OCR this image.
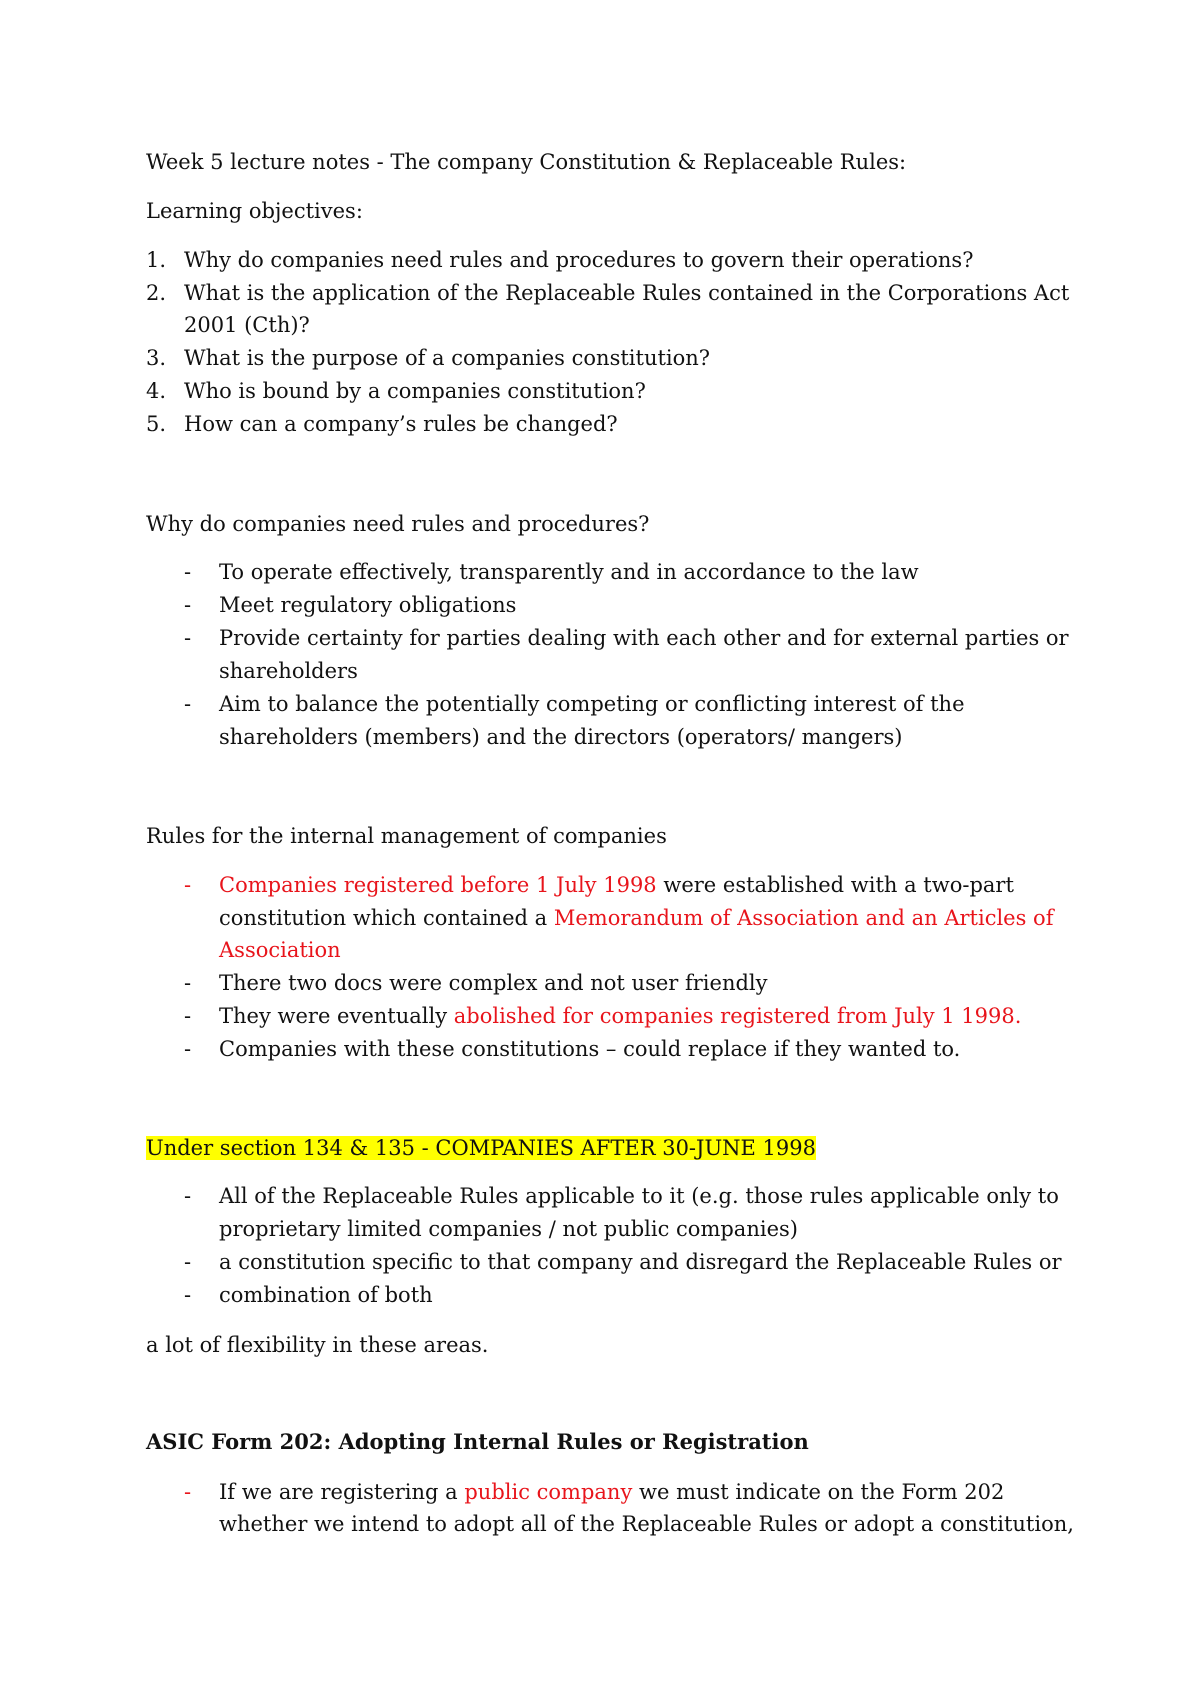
Week 5 lecture notes - The company Constitution & Replaceable Rules:
Learning objectives:
1. Why do companies need rules and procedures to govern their operations?
2. What is the application of the Replaceable Rules contained in the Corporations Act
2001 (Cth)?
3. What is the purpose of a companies constitution?
4. Who is bound by a companies constitution?
5. How can a company’s rules be changed?
Why do companies need rules and procedures?
- To operate effectively, transparently and in accordance to the law
- Meet regulatory obligations
- Provide certainty for parties dealing with each other and for external parties or
shareholders
- Aim to balance the potentially competing or conflicting interest of the
shareholders (members) and the directors (operators/ mangers)
Rules for the internal management of companies
- Companies registered before 1 July 1998 were established with a two-part
constitution which contained a Memorandum of Association and an Articles of
Association
- There two docs were complex and not user friendly
- They were eventually abolished for companies registered from July 1 1998.
- Companies with these constitutions – could replace if they wanted to.
Under section 134 & 135 - COMPANIES AFTER 30-JUNE 1998
- All of the Replaceable Rules applicable to it (e.g. those rules applicable only to
proprietary limited companies / not public companies)
- a constitution specific to that company and disregard the Replaceable Rules or
- combination of both
a lot of flexibility in these areas.
ASIC Form 202: Adopting Internal Rules or Registration
- If we are registering a public company we must indicate on the Form 202
whether we intend to adopt all of the Replaceable Rules or adopt a constitution,
